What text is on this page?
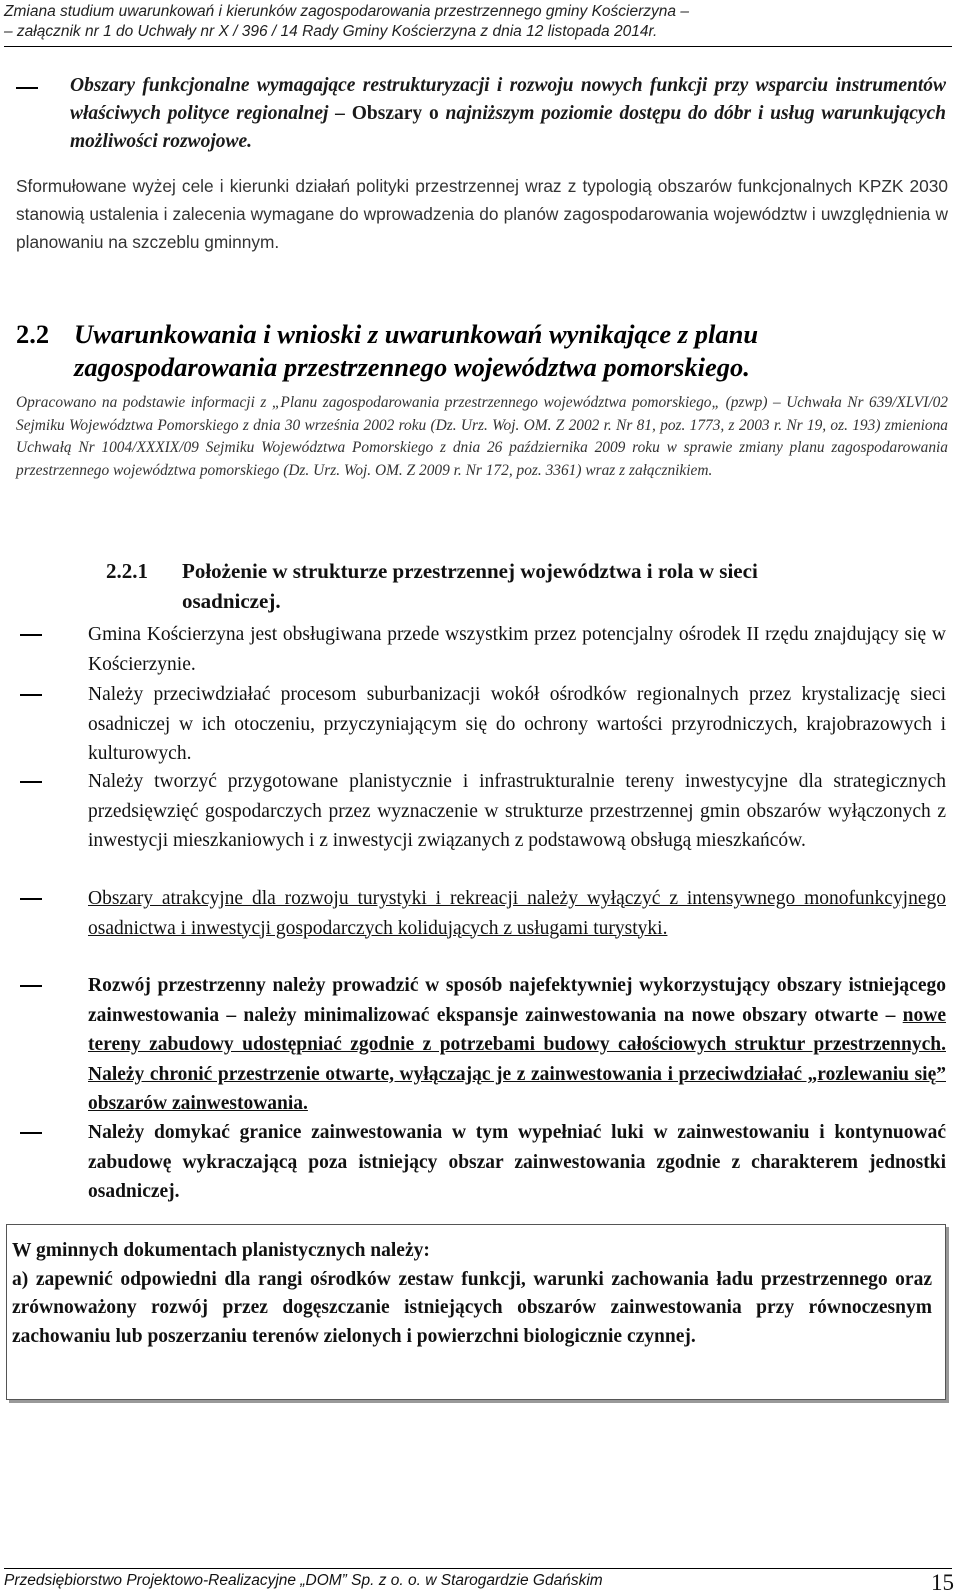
Zmiana studium uwarunkowań i kierunków zagospodarowania przestrzennego gminy Kościerzyna –
– załącznik nr 1 do Uchwały nr X / 396 / 14 Rady Gminy Kościerzyna z dnia 12 listopada 2014r.
Obszary funkcjonalne wymagające restrukturyzacji i rozwoju nowych funkcji przy wsparciu instrumentów właściwych polityce regionalnej – Obszary o najniższym poziomie dostępu do dóbr i usług warunkujących możliwości rozwojowe.
Sformułowane wyżej cele i kierunki działań polityki przestrzennej wraz z typologią obszarów funkcjonalnych KPZK 2030 stanowią ustalenia i zalecenia wymagane do wprowadzenia do planów zagospodarowania województw i uwzględnienia w planowaniu na szczeblu gminnym.
2.2 Uwarunkowania i wnioski z uwarunkowań wynikające z planu
zagospodarowania przestrzennego województwa pomorskiego.
Opracowano na podstawie informacji z „Planu zagospodarowania przestrzennego województwa pomorskiego„ (pzwp) – Uchwała Nr 639/XLVI/02 Sejmiku Województwa Pomorskiego z dnia 30 września 2002 roku (Dz. Urz. Woj. OM. Z 2002 r. Nr 81, poz. 1773, z 2003 r. Nr 19, oz. 193) zmieniona Uchwałą Nr 1004/XXXIX/09 Sejmiku Województwa Pomorskiego z dnia 26 października 2009 roku w sprawie zmiany planu zagospodarowania przestrzennego województwa pomorskiego (Dz. Urz. Woj. OM. Z 2009 r. Nr 172, poz. 3361) wraz z załącznikiem.
2.2.1 Położenie w strukturze przestrzennej województwa i rola w sieci
osadniczej.
Gmina Kościerzyna jest obsługiwana przede wszystkim przez potencjalny ośrodek II rzędu znajdujący się w Kościerzynie.
Należy przeciwdziałać procesom suburbanizacji wokół ośrodków regionalnych przez krystalizację sieci osadniczej w ich otoczeniu, przyczyniającym się do ochrony wartości przyrodniczych, krajobrazowych i kulturowych.
Należy tworzyć przygotowane planistycznie i infrastrukturalnie tereny inwestycyjne dla strategicznych przedsięwzięć gospodarczych przez wyznaczenie w strukturze przestrzennej gmin obszarów wyłączonych z inwestycji mieszkaniowych i z inwestycji związanych z podstawową obsługą mieszkańców.
Obszary atrakcyjne dla rozwoju turystyki i rekreacji należy wyłączyć z intensywnego monofunkcyjnego osadnictwa i inwestycji gospodarczych kolidujących z usługami turystyki.
Rozwój przestrzenny należy prowadzić w sposób najefektywniej wykorzystujący obszary istniejącego zainwestowania – należy minimalizować ekspansje zainwestowania na nowe obszary otwarte – nowe tereny zabudowy udostępniać zgodnie z potrzebami budowy całościowych struktur przestrzennych. Należy chronić przestrzenie otwarte, wyłączając je z zainwestowania i przeciwdziałać „rozlewaniu się” obszarów zainwestowania.
Należy domykać granice zainwestowania w tym wypełniać luki w zainwestowaniu i kontynuować zabudowę wykraczającą poza istniejący obszar zainwestowania zgodnie z charakterem jednostki osadniczej.
W gminnych dokumentach planistycznych należy:
a) zapewnić odpowiedni dla rangi ośrodków zestaw funkcji, warunki zachowania ładu przestrzennego oraz zrównoważony rozwój przez dogęszczanie istniejących obszarów zainwestowania przy równoczesnym zachowaniu lub poszerzaniu terenów zielonych i powierzchni biologicznie czynnej.
Przedsiębiorstwo Projektowo-Realizacyjne „DOM” Sp. z o. o. w Starogardzie Gdańskim	15
